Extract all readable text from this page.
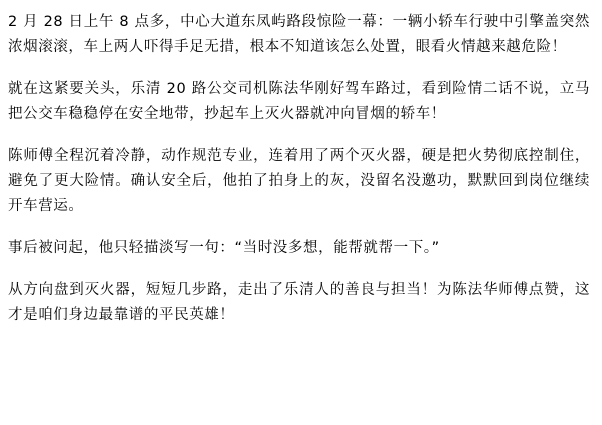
2 月 28 日上午 8 点多，中心大道东凤屿路段惊险一幕：一辆小轿车行驶中引擎盖突然浓烟滚滚，车上两人吓得手足无措，根本不知道该怎么处置，眼看火情越来越危险！

就在这紧要关头，乐清 20 路公交司机陈法华刚好驾车路过，看到险情二话不说，立马把公交车稳稳停在安全地带，抄起车上灭火器就冲向冒烟的轿车！

陈师傅全程沉着冷静，动作规范专业，连着用了两个灭火器，硬是把火势彻底控制住，避免了更大险情。确认安全后，他拍了拍身上的灰，没留名没邀功，默默回到岗位继续开车营运。

事后被问起，他只轻描淡写一句：“当时没多想，能帮就帮一下。”

从方向盘到灭火器，短短几步路，走出了乐清人的善良与担当！为陈法华师傅点赞，这才是咱们身边最靠谱的平民英雄！
